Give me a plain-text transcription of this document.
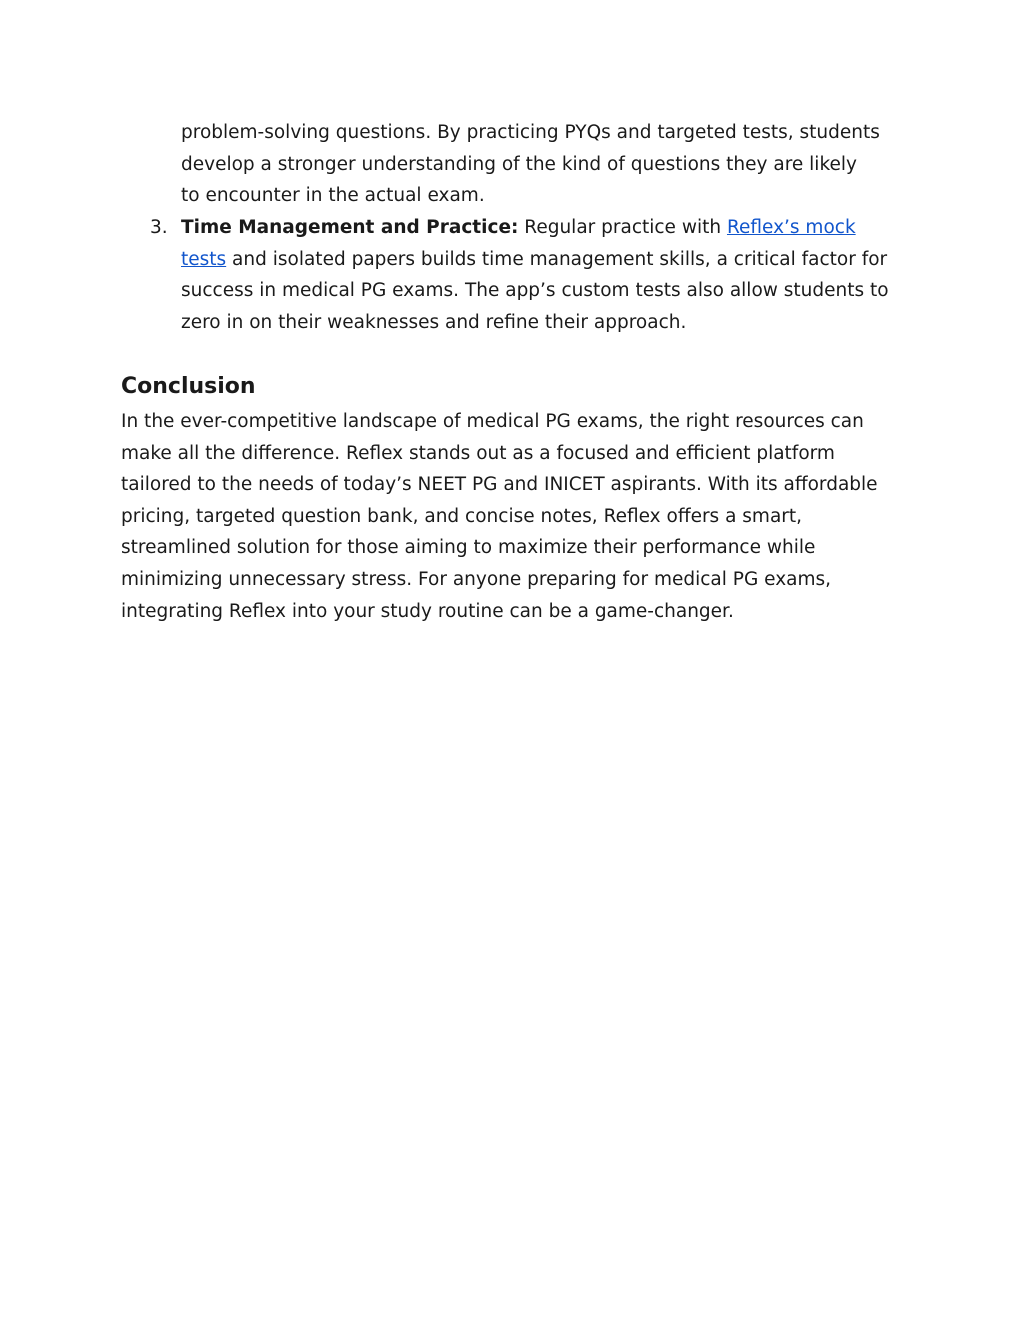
problem-solving questions. By practicing PYQs and targeted tests, students develop a stronger understanding of the kind of questions they are likely to encounter in the actual exam.

3. Time Management and Practice: Regular practice with Reflex’s mock tests and isolated papers builds time management skills, a critical factor for success in medical PG exams. The app’s custom tests also allow students to zero in on their weaknesses and refine their approach.
Conclusion

In the ever-competitive landscape of medical PG exams, the right resources can make all the difference. Reflex stands out as a focused and efficient platform tailored to the needs of today’s NEET PG and INICET aspirants. With its affordable pricing, targeted question bank, and concise notes, Reflex offers a smart, streamlined solution for those aiming to maximize their performance while minimizing unnecessary stress. For anyone preparing for medical PG exams, integrating Reflex into your study routine can be a game-changer.
